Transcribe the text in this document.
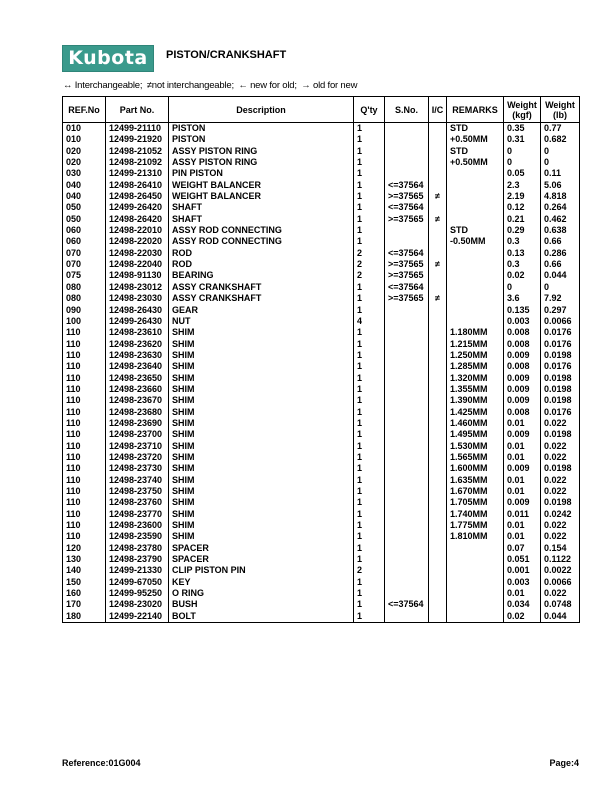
Kubota	PISTON/CRANKSHAFT
↔ Interchangeable; ≠not interchangeable; ← new for old; → old for new
REF.No	Part No.	Description	Q'ty	S.No.	I/C	REMARKS	Weight (kgf)	Weight (lb)
010	12499-21110	PISTON	1			STD	0.35	0.77
010	12499-21920	PISTON	1			+0.50MM	0.31	0.682
020	12498-21052	ASSY PISTON RING	1			STD	0	0
020	12498-21092	ASSY PISTON RING	1			+0.50MM	0	0
030	12499-21310	PIN PISTON	1				0.05	0.11
040	12498-26410	WEIGHT BALANCER	1	<=37564			2.3	5.06
040	12498-26450	WEIGHT BALANCER	1	>=37565	≠		2.19	4.818
050	12499-26420	SHAFT	1	<=37564			0.12	0.264
050	12498-26420	SHAFT	1	>=37565	≠		0.21	0.462
060	12498-22010	ASSY ROD CONNECTING	1			STD	0.29	0.638
060	12498-22020	ASSY ROD CONNECTING	1			-0.50MM	0.3	0.66
070	12498-22030	ROD	2	<=37564			0.13	0.286
070	12498-22040	ROD	2	>=37565	≠		0.3	0.66
075	12498-91130	BEARING	2	>=37565			0.02	0.044
080	12498-23012	ASSY CRANKSHAFT	1	<=37564			0	0
080	12498-23030	ASSY CRANKSHAFT	1	>=37565	≠		3.6	7.92
090	12498-26430	GEAR	1				0.135	0.297
100	12499-26430	NUT	4				0.003	0.0066
110	12498-23610	SHIM	1			1.180MM	0.008	0.0176
110	12498-23620	SHIM	1			1.215MM	0.008	0.0176
110	12498-23630	SHIM	1			1.250MM	0.009	0.0198
110	12498-23640	SHIM	1			1.285MM	0.008	0.0176
110	12498-23650	SHIM	1			1.320MM	0.009	0.0198
110	12498-23660	SHIM	1			1.355MM	0.009	0.0198
110	12498-23670	SHIM	1			1.390MM	0.009	0.0198
110	12498-23680	SHIM	1			1.425MM	0.008	0.0176
110	12498-23690	SHIM	1			1.460MM	0.01	0.022
110	12498-23700	SHIM	1			1.495MM	0.009	0.0198
110	12498-23710	SHIM	1			1.530MM	0.01	0.022
110	12498-23720	SHIM	1			1.565MM	0.01	0.022
110	12498-23730	SHIM	1			1.600MM	0.009	0.0198
110	12498-23740	SHIM	1			1.635MM	0.01	0.022
110	12498-23750	SHIM	1			1.670MM	0.01	0.022
110	12498-23760	SHIM	1			1.705MM	0.009	0.0198
110	12498-23770	SHIM	1			1.740MM	0.011	0.0242
110	12498-23600	SHIM	1			1.775MM	0.01	0.022
110	12498-23590	SHIM	1			1.810MM	0.01	0.022
120	12498-23780	SPACER	1				0.07	0.154
130	12498-23790	SPACER	1				0.051	0.1122
140	12499-21330	CLIP PISTON PIN	2				0.001	0.0022
150	12499-67050	KEY	1				0.003	0.0066
160	12499-95250	O RING	1				0.01	0.022
170	12498-23020	BUSH	1	<=37564			0.034	0.0748
180	12499-22140	BOLT	1				0.02	0.044
Reference:01G004	Page:4
